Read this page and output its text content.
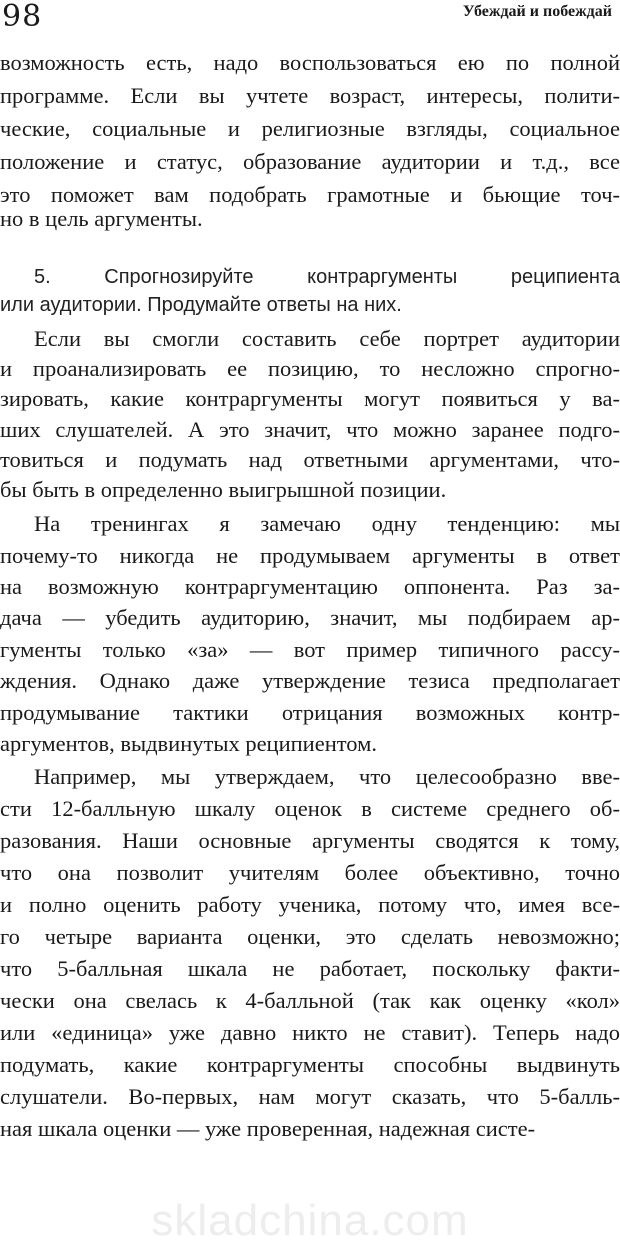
98	Убеждай и побеждай
возможность есть, надо воспользоваться ею по полной
программе. Если вы учтете возраст, интересы, полити-
ческие, социальные и религиозные взгляды, социальное
положение и статус, образование аудитории и т.д., все
это поможет вам подобрать грамотные и бьющие точ-
но в цель аргументы.
5. Спрогнозируйте контраргументы реципиента
или аудитории. Продумайте ответы на них.
Если вы смогли составить себе портрет аудитории
и проанализировать ее позицию, то несложно спрогно-
зировать, какие контраргументы могут появиться у ва-
ших слушателей. А это значит, что можно заранее подго-
товиться и подумать над ответными аргументами, что-
бы быть в определенно выигрышной позиции.
На тренингах я замечаю одну тенденцию: мы
почему-то никогда не продумываем аргументы в ответ
на возможную контраргументацию оппонента. Раз за-
дача — убедить аудиторию, значит, мы подбираем ар-
гументы только «за» — вот пример типичного рассу-
ждения. Однако даже утверждение тезиса предполагает
продумывание тактики отрицания возможных контр-
аргументов, выдвинутых реципиентом.
Например, мы утверждаем, что целесообразно вве-
сти 12-балльную шкалу оценок в системе среднего об-
разования. Наши основные аргументы сводятся к тому,
что она позволит учителям более объективно, точно
и полно оценить работу ученика, потому что, имея все-
го четыре варианта оценки, это сделать невозможно;
что 5-балльная шкала не работает, поскольку факти-
чески она свелась к 4-балльной (так как оценку «кол»
или «единица» уже давно никто не ставит). Теперь надо
подумать, какие контраргументы способны выдвинуть
слушатели. Во-первых, нам могут сказать, что 5-балль-
ная шкала оценки — уже проверенная, надежная систе-
skladchina.com
